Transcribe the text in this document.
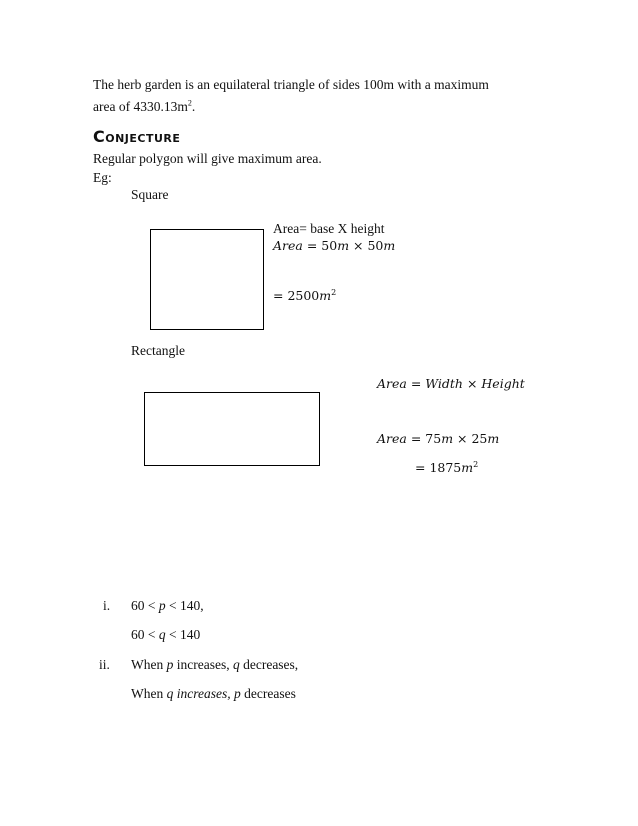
The herb garden is an equilateral triangle of sides 100m with a maximum
area of $4330.13m^2$.
Conjecture
Regular polygon will give maximum area.
Eg:
Square
Area= base X height
Area = 50m × 50m
= $2500m^2$
Rectangle
Area = Width × Height
Area = 75m × 25m
= $1875m^2$
i. 60 < p < 140,
60 < q < 140
ii. When p increases, q decreases,
When q increases, p decreases
